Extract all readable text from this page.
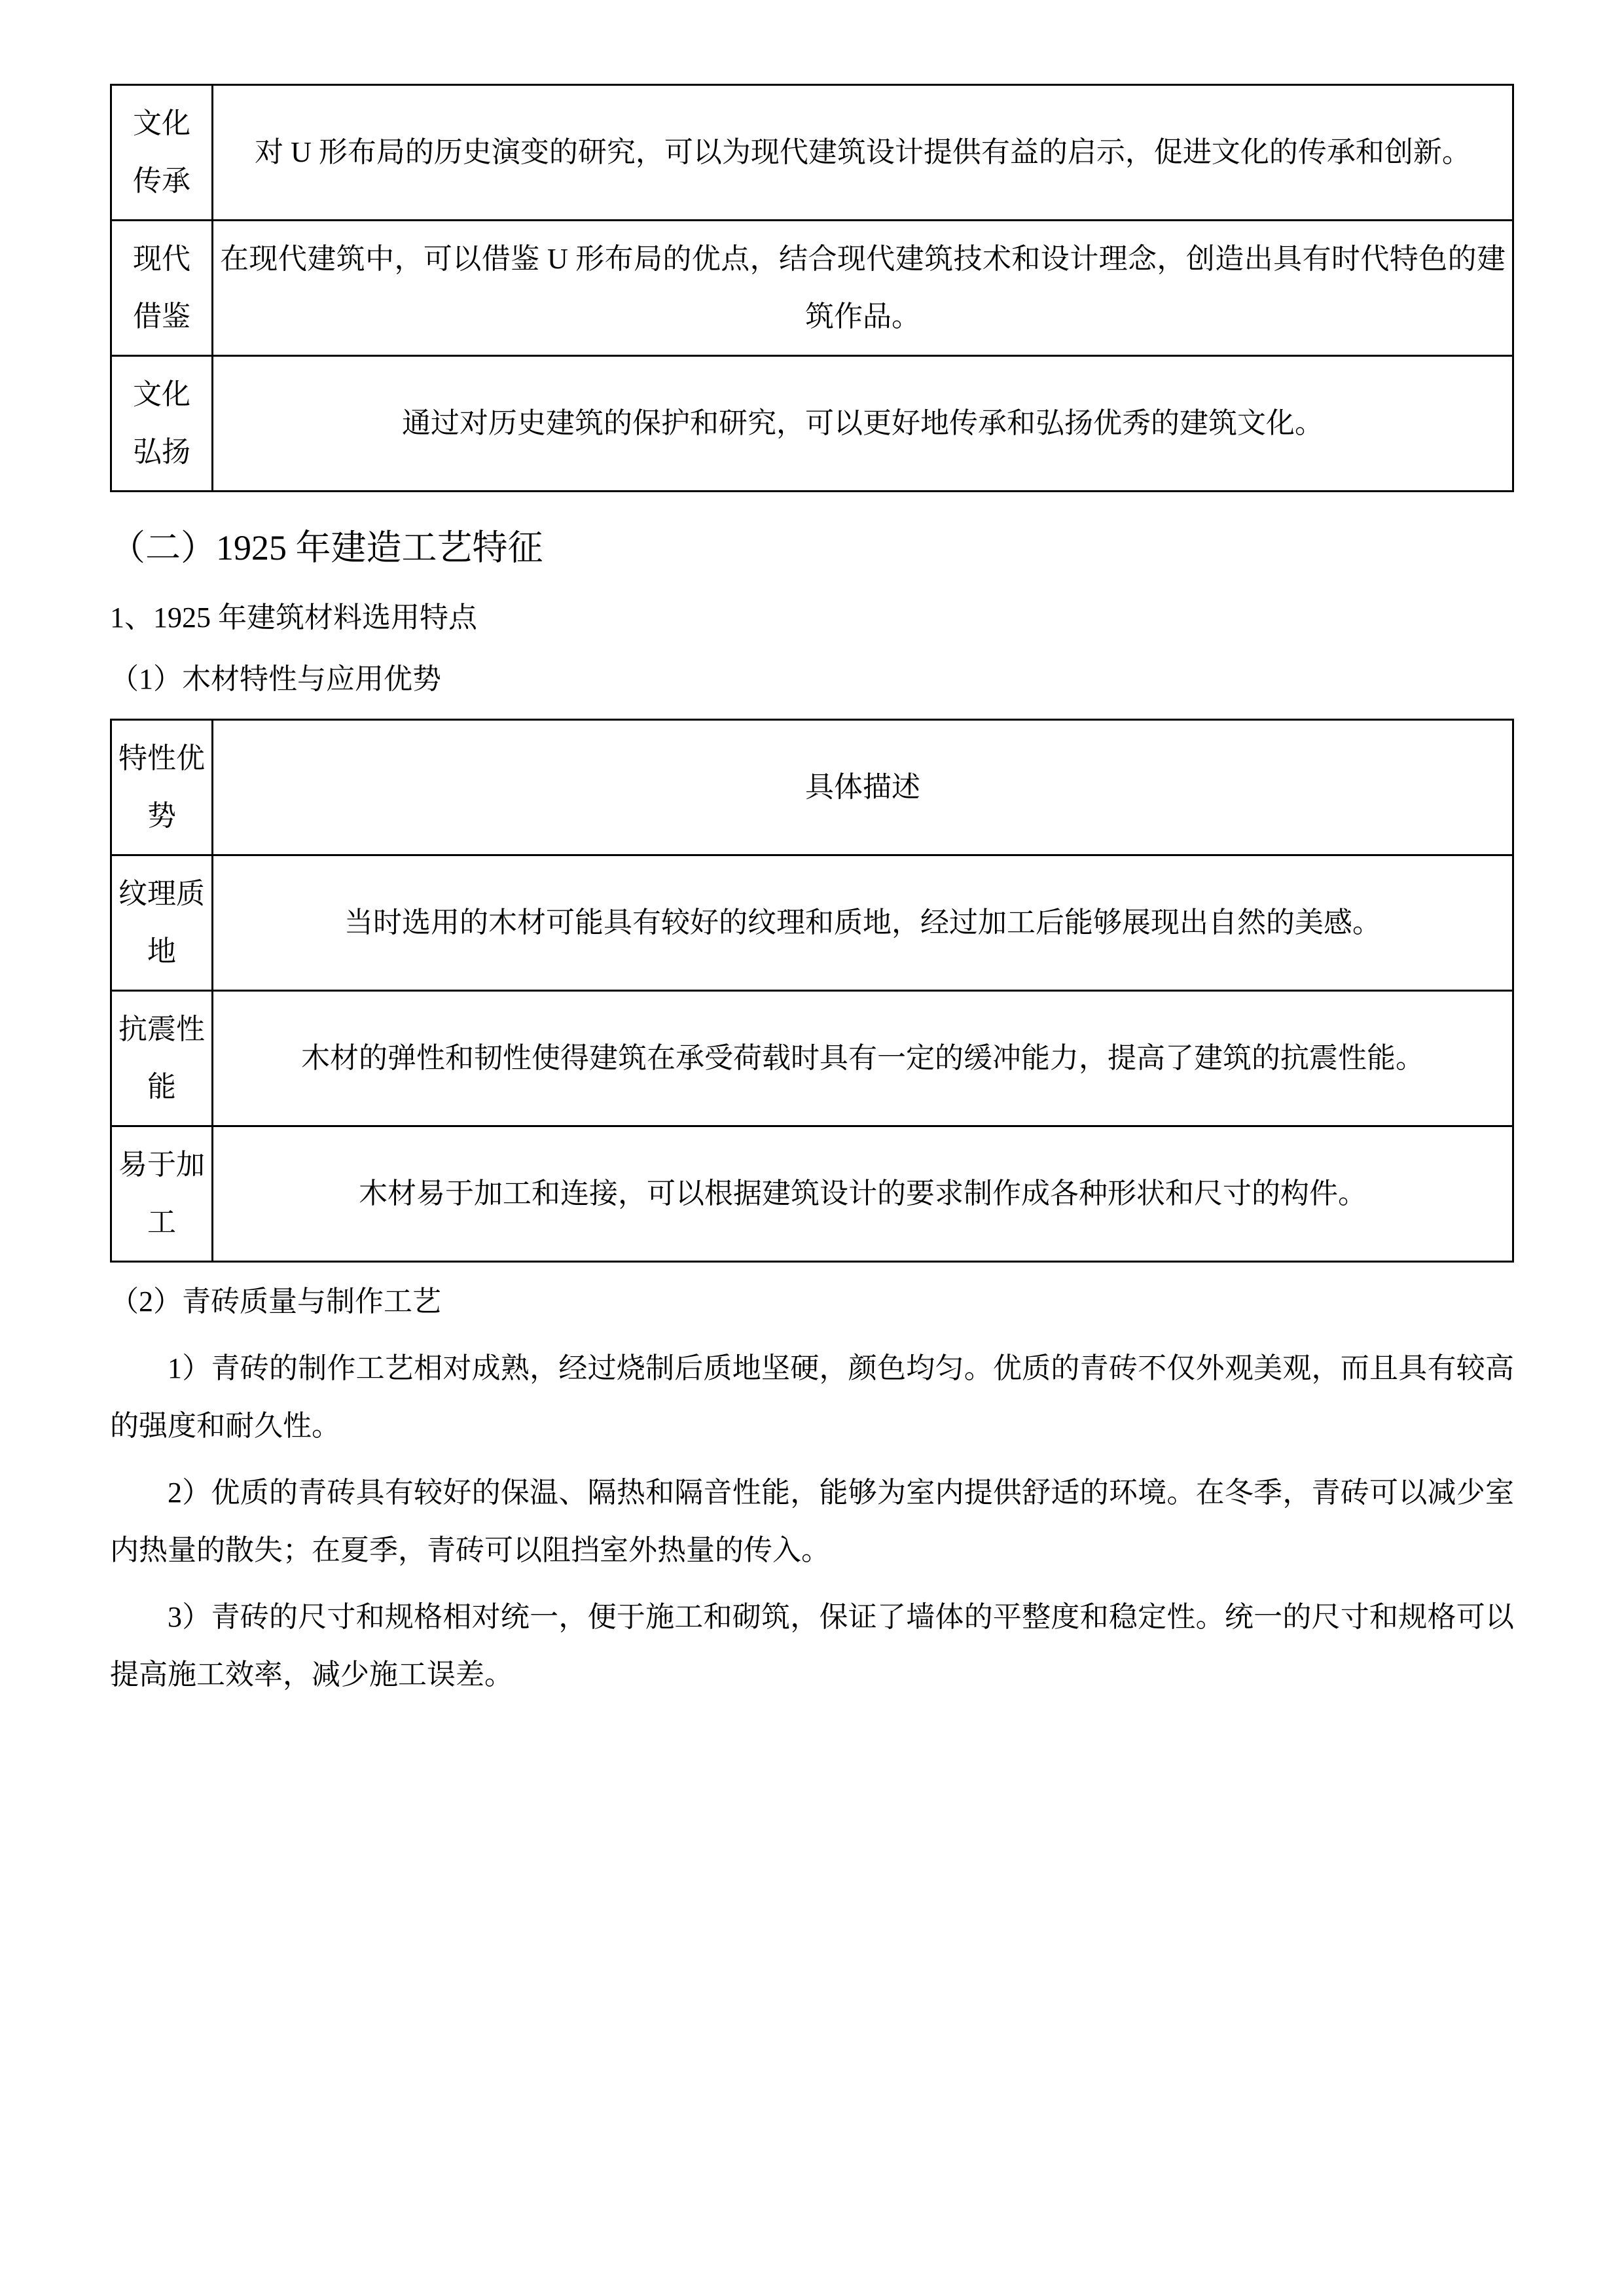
文化传承	对 U 形布局的历史演变的研究，可以为现代建筑设计提供有益的启示，促进文化的传承和创新。
现代借鉴	在现代建筑中，可以借鉴 U 形布局的优点，结合现代建筑技术和设计理念，创造出具有时代特色的建筑作品。
文化弘扬	通过对历史建筑的保护和研究，可以更好地传承和弘扬优秀的建筑文化。
（二）1925 年建造工艺特征

1、1925 年建筑材料选用特点

（1）木材特性与应用优势

特性优势	具体描述
纹理质地	当时选用的木材可能具有较好的纹理和质地，经过加工后能够展现出自然的美感。
抗震性能	木材的弹性和韧性使得建筑在承受荷载时具有一定的缓冲能力，提高了建筑的抗震性能。
易于加工	木材易于加工和连接，可以根据建筑设计的要求制作成各种形状和尺寸的构件。

（2）青砖质量与制作工艺

1）青砖的制作工艺相对成熟，经过烧制后质地坚硬，颜色均匀。优质的青砖不仅外观美观，而且具有较高的强度和耐久性。

2）优质的青砖具有较好的保温、隔热和隔音性能，能够为室内提供舒适的环境。在冬季，青砖可以减少室内热量的散失；在夏季，青砖可以阻挡室外热量的传入。

3）青砖的尺寸和规格相对统一，便于施工和砌筑，保证了墙体的平整度和稳定性。统一的尺寸和规格可以提高施工效率，减少施工误差。
